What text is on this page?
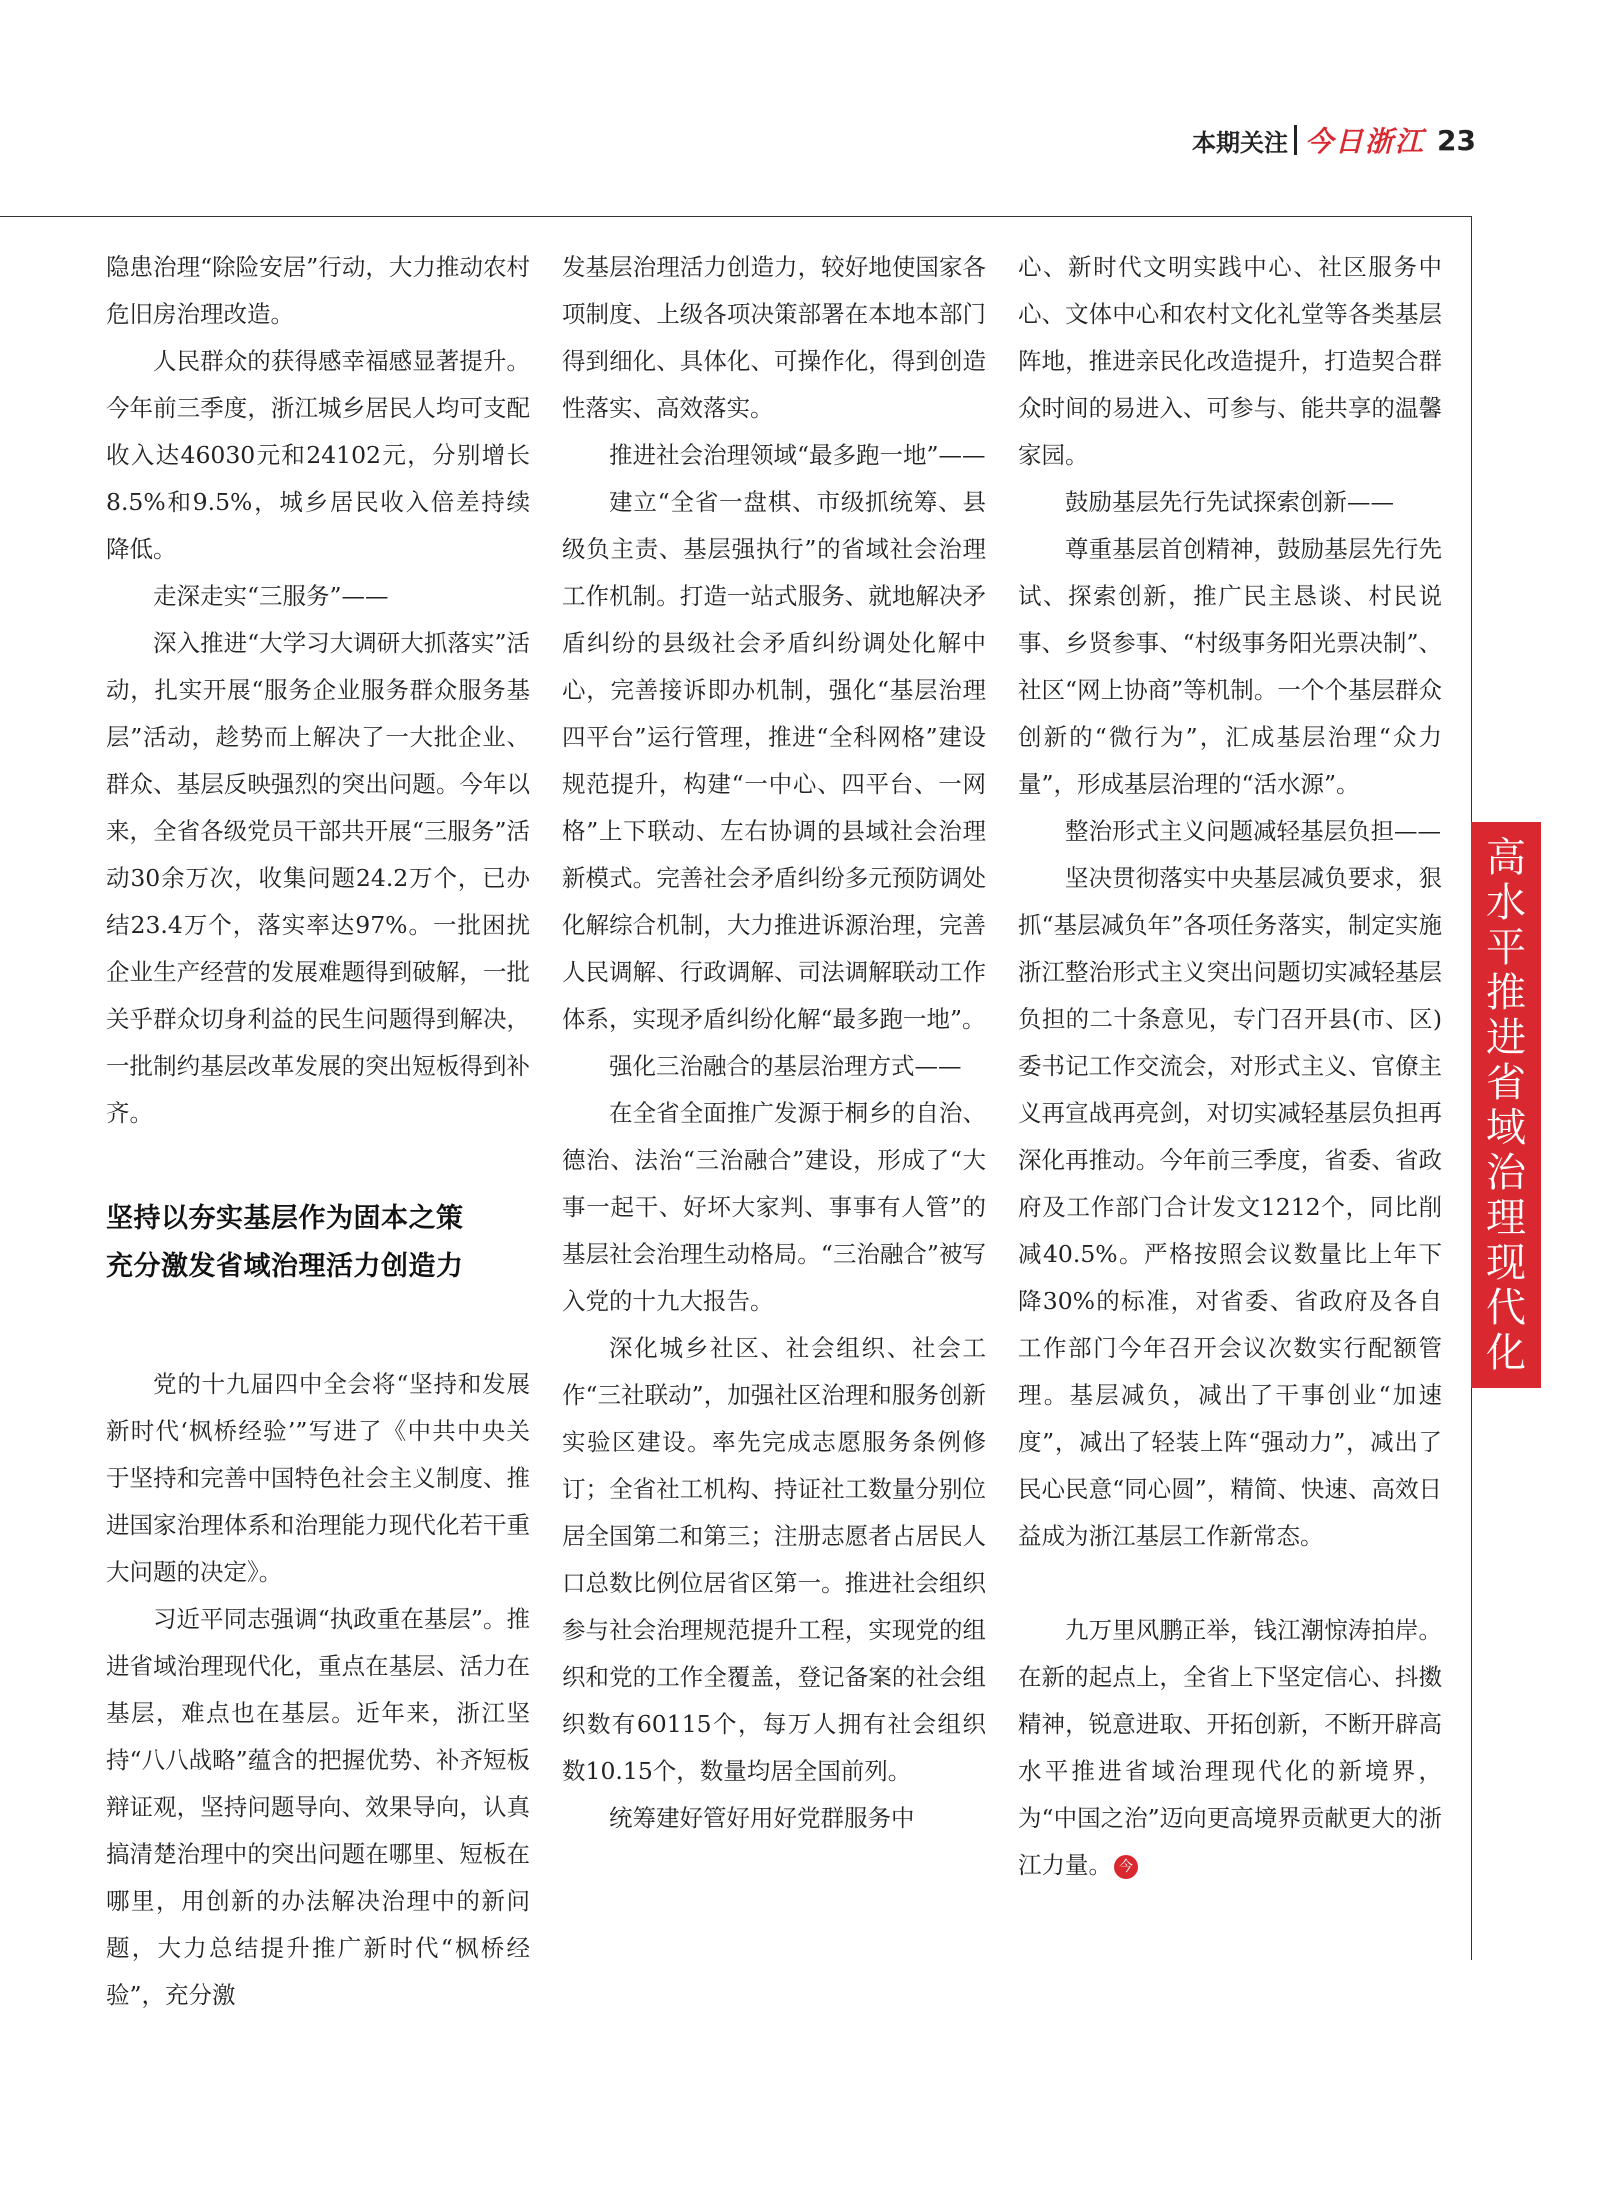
本期关注 今日浙江 23
高
水
平
推
进
省
域
治
理
现
代
化

隐患治理“除险安居”行动，大力推动农村危旧房治理改造。

人民群众的获得感幸福感显著提升。今年前三季度，浙江城乡居民人均可支配收入达46030元和24102元，分别增长8.5%和9.5%，城乡居民收入倍差持续降低。

走深走实“三服务”——

深入推进“大学习大调研大抓落实”活动，扎实开展“服务企业服务群众服务基层”活动，趁势而上解决了一大批企业、群众、基层反映强烈的突出问题。今年以来，全省各级党员干部共开展“三服务”活动30余万次，收集问题24.2万个，已办结23.4万个，落实率达97%。一批困扰企业生产经营的发展难题得到破解，一批关乎群众切身利益的民生问题得到解决，一批制约基层改革发展的突出短板得到补齐。

坚持以夯实基层作为固本之策
充分激发省域治理活力创造力

党的十九届四中全会将“坚持和发展新时代‘枫桥经验’”写进了《中共中央关于坚持和完善中国特色社会主义制度、推进国家治理体系和治理能力现代化若干重大问题的决定》。

习近平同志强调“执政重在基层”。推进省域治理现代化，重点在基层、活力在基层，难点也在基层。近年来，浙江坚持“八八战略”蕴含的把握优势、补齐短板辩证观，坚持问题导向、效果导向，认真搞清楚治理中的突出问题在哪里、短板在哪里，用创新的办法解决治理中的新问题，大力总结提升推广新时代“枫桥经验”，充分激

发基层治理活力创造力，较好地使国家各项制度、上级各项决策部署在本地本部门得到细化、具体化、可操作化，得到创造性落实、高效落实。

推进社会治理领域“最多跑一地”——

建立“全省一盘棋、市级抓统筹、县级负主责、基层强执行”的省域社会治理工作机制。打造一站式服务、就地解决矛盾纠纷的县级社会矛盾纠纷调处化解中心，完善接诉即办机制，强化“基层治理四平台”运行管理，推进“全科网格”建设规范提升，构建“一中心、四平台、一网格”上下联动、左右协调的县域社会治理新模式。完善社会矛盾纠纷多元预防调处化解综合机制，大力推进诉源治理，完善人民调解、行政调解、司法调解联动工作体系，实现矛盾纠纷化解“最多跑一地”。

强化三治融合的基层治理方式——

在全省全面推广发源于桐乡的自治、德治、法治“三治融合”建设，形成了“大事一起干、好坏大家判、事事有人管”的基层社会治理生动格局。“三治融合”被写入党的十九大报告。

深化城乡社区、社会组织、社会工作“三社联动”，加强社区治理和服务创新实验区建设。率先完成志愿服务条例修订；全省社工机构、持证社工数量分别位居全国第二和第三；注册志愿者占居民人口总数比例位居省区第一。推进社会组织参与社会治理规范提升工程，实现党的组织和党的工作全覆盖，登记备案的社会组织数有60115个，每万人拥有社会组织数10.15个，数量均居全国前列。

统筹建好管好用好党群服务中

心、新时代文明实践中心、社区服务中心、文体中心和农村文化礼堂等各类基层阵地，推进亲民化改造提升，打造契合群众时间的易进入、可参与、能共享的温馨家园。

鼓励基层先行先试探索创新——

尊重基层首创精神，鼓励基层先行先试、探索创新，推广民主恳谈、村民说事、乡贤参事、“村级事务阳光票决制”、社区“网上协商”等机制。一个个基层群众创新的“微行为”，汇成基层治理“众力量”，形成基层治理的“活水源”。

整治形式主义问题减轻基层负担——

坚决贯彻落实中央基层减负要求，狠抓“基层减负年”各项任务落实，制定实施浙江整治形式主义突出问题切实减轻基层负担的二十条意见，专门召开县(市、区)委书记工作交流会，对形式主义、官僚主义再宣战再亮剑，对切实减轻基层负担再深化再推动。今年前三季度，省委、省政府及工作部门合计发文1212个，同比削减40.5%。严格按照会议数量比上年下降30%的标准，对省委、省政府及各自工作部门今年召开会议次数实行配额管理。基层减负，减出了干事创业“加速度”，减出了轻装上阵“强动力”，减出了民心民意“同心圆”，精简、快速、高效日益成为浙江基层工作新常态。

九万里风鹏正举，钱江潮惊涛拍岸。在新的起点上，全省上下坚定信心、抖擞精神，锐意进取、开拓创新，不断开辟高水平推进省域治理现代化的新境界，为“中国之治”迈向更高境界贡献更大的浙江力量。 今
